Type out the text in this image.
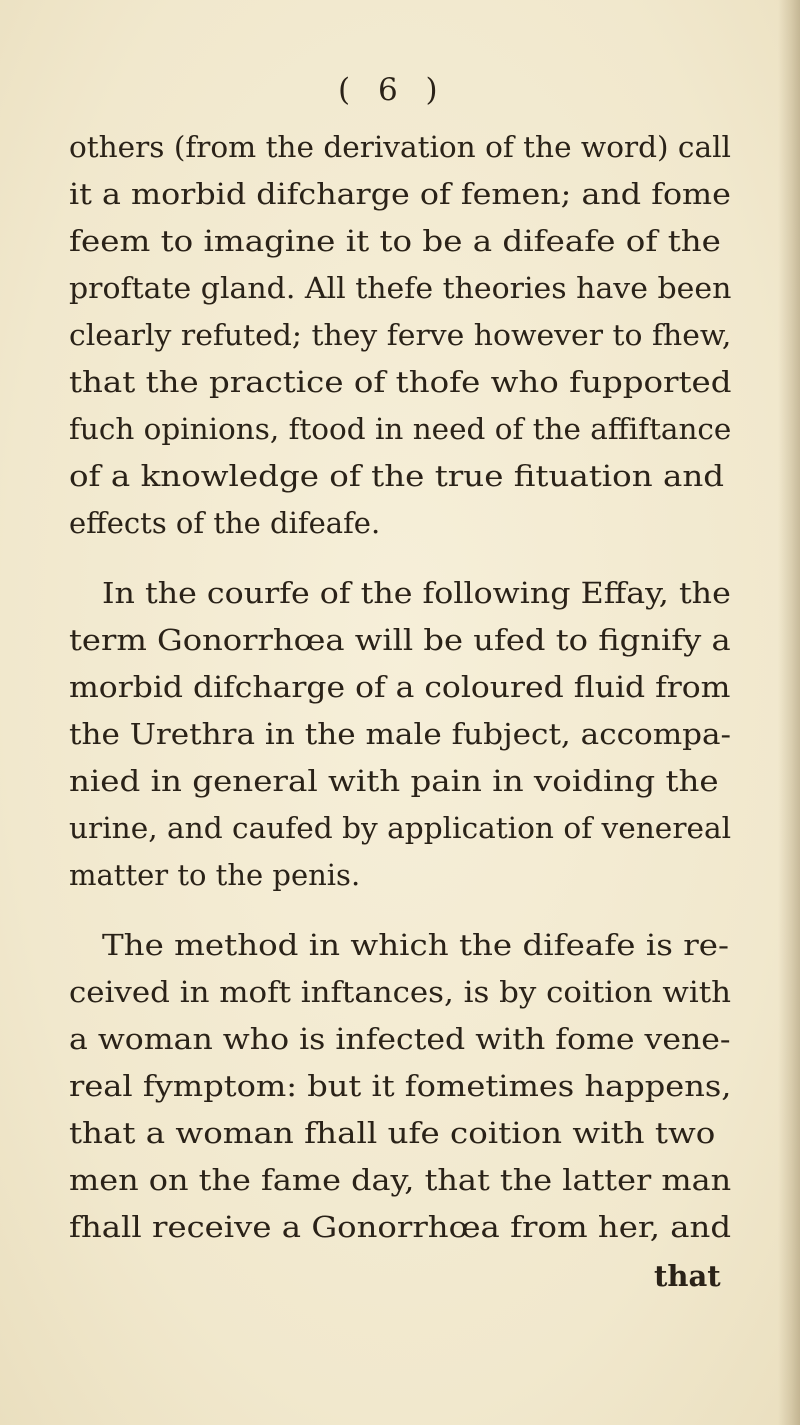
( 6 )
others (from the derivation of the word) call
it a morbid difcharge of femen; and fome
feem to imagine it to be a difeafe of the
proftate gland. All thefe theories have been
clearly refuted; they ferve however to fhew,
that the practice of thofe who fupported
fuch opinions, ftood in need of the affiftance
of a knowledge of the true fituation and
effects of the difeafe.
In the courfe of the following Effay, the
term Gonorrhœa will be ufed to fignify a
morbid difcharge of a coloured fluid from
the Urethra in the male fubject, accompa-
nied in general with pain in voiding the
urine, and caufed by application of venereal
matter to the penis.
The method in which the difeafe is re-
ceived in moft inftances, is by coition with
a woman who is infected with fome vene-
real fymptom: but it fometimes happens,
that a woman fhall ufe coition with two
men on the fame day, that the latter man
fhall receive a Gonorrhœa from her, and
that
